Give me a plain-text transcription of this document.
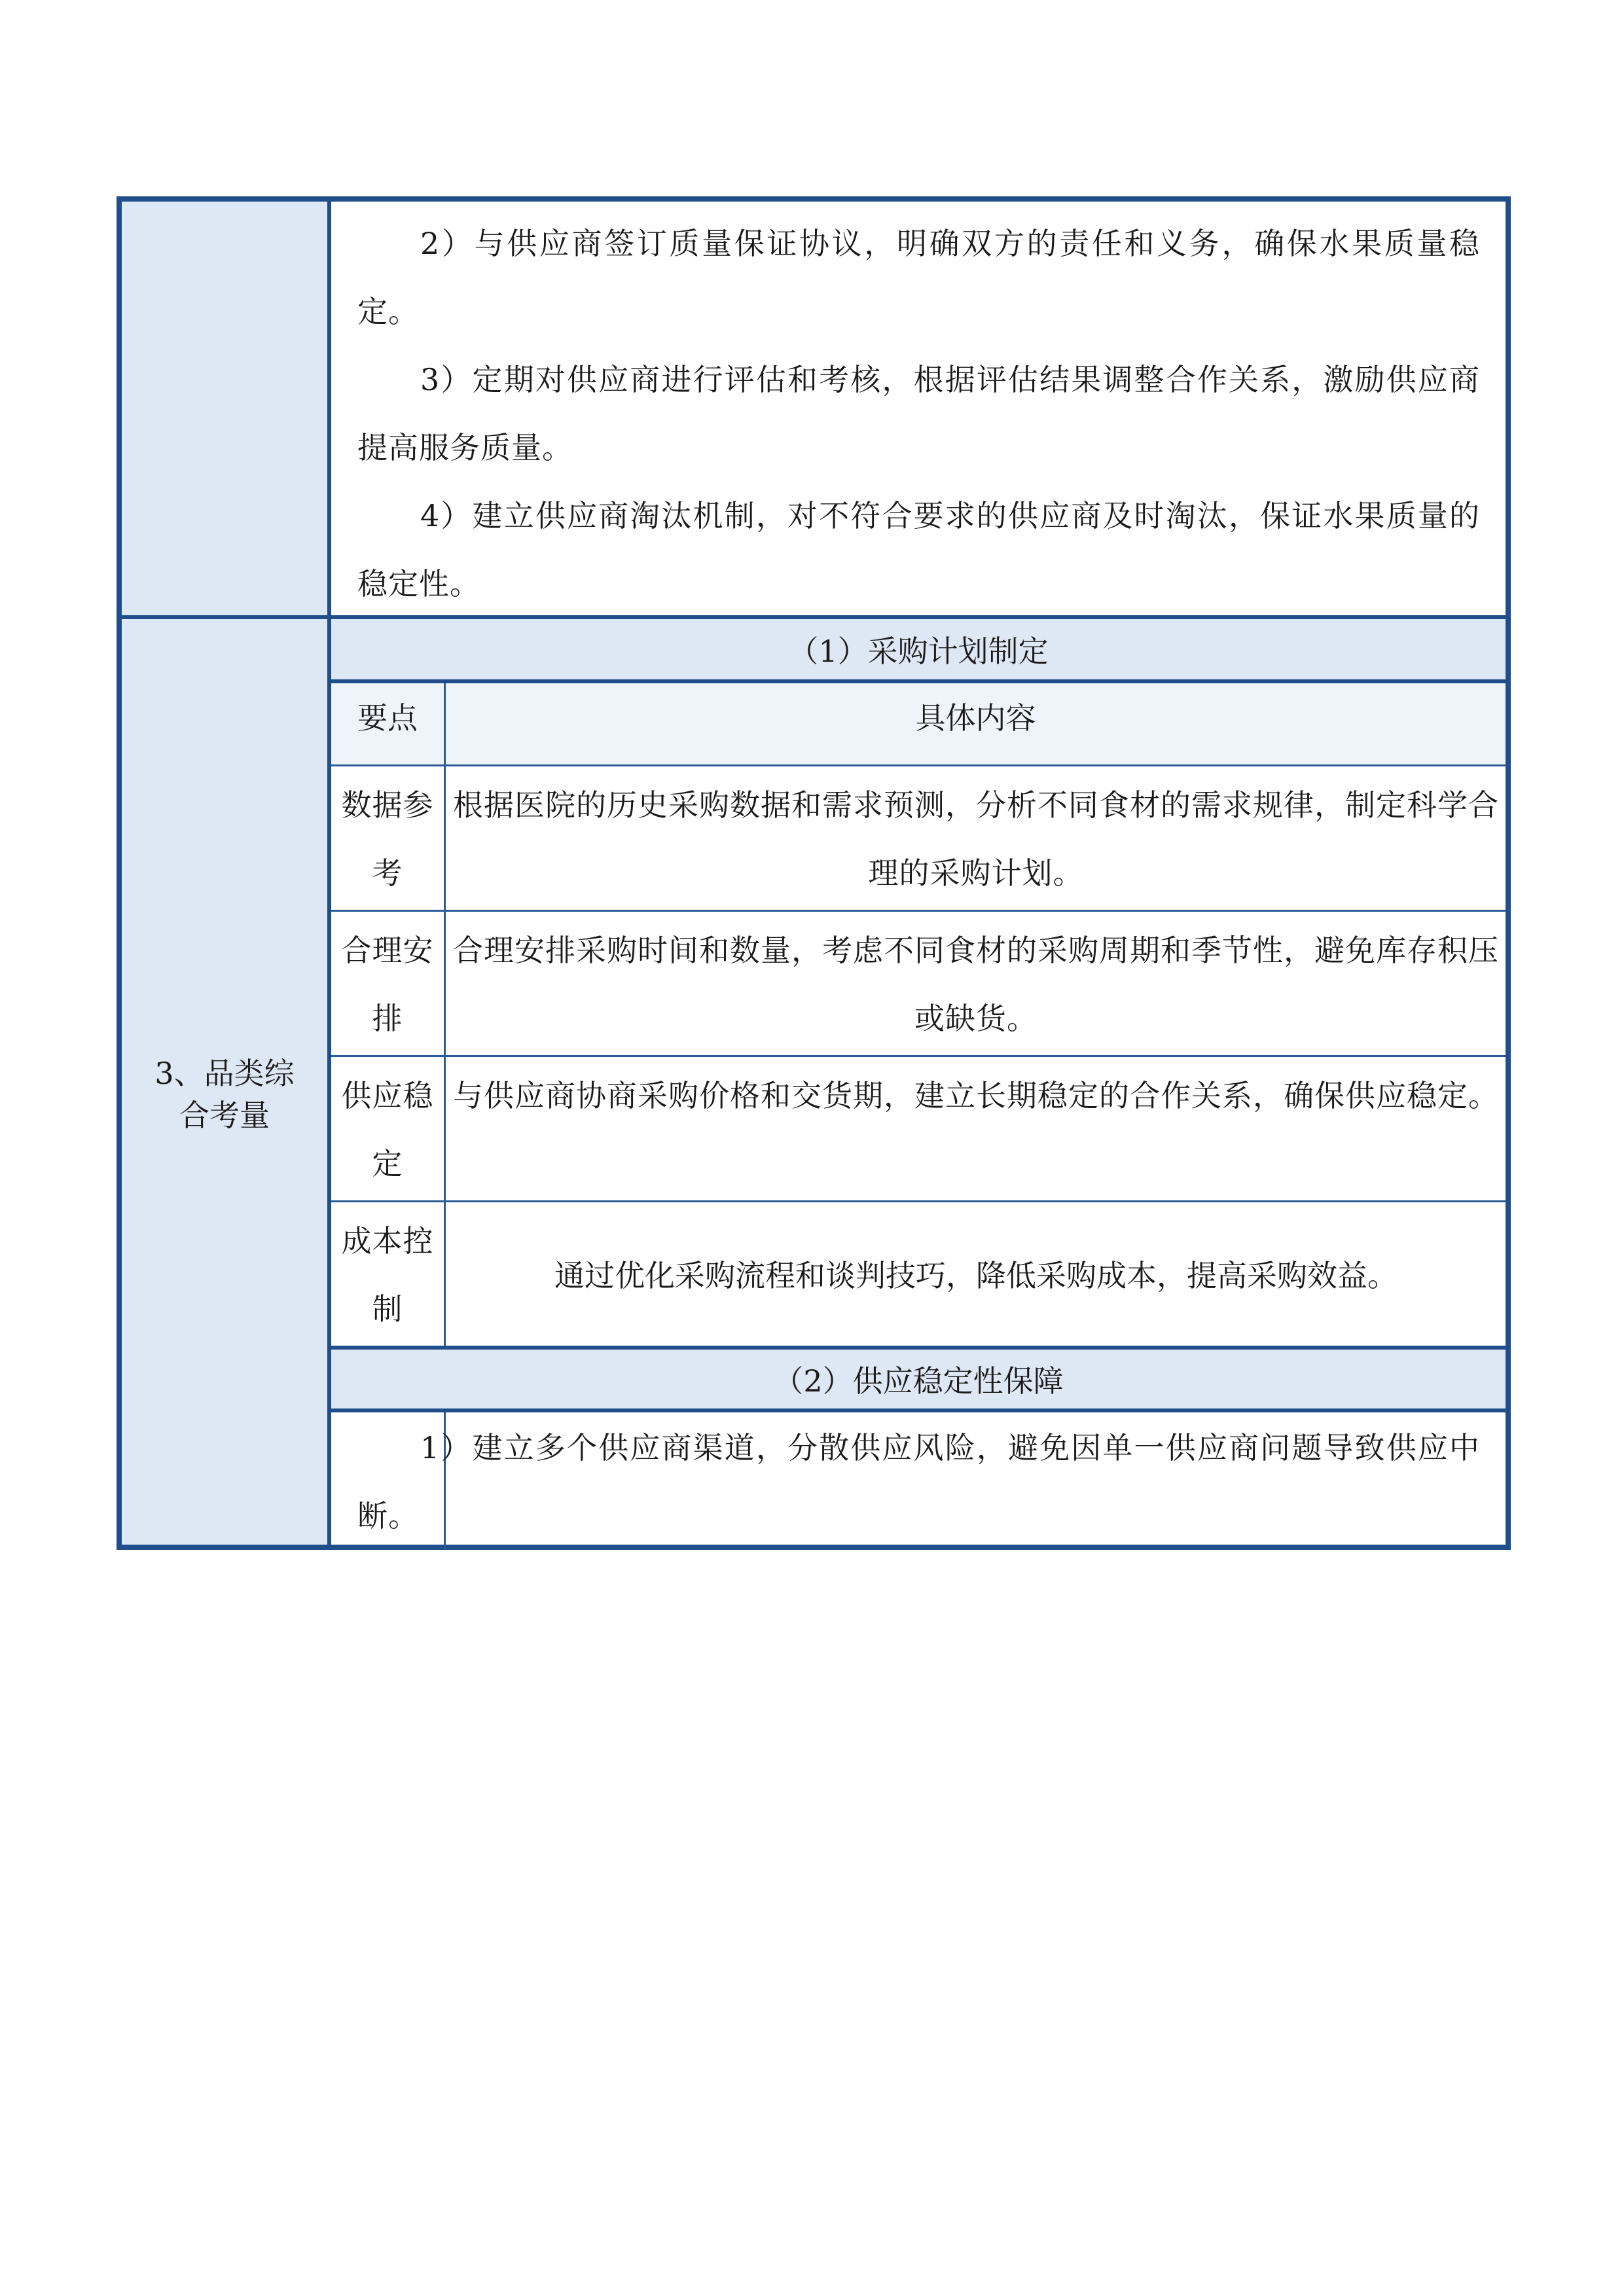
3、品类综合考量

2）与供应商签订质量保证协议，明确双方的责任和义务，确保水果质量稳定。

3）定期对供应商进行评估和考核，根据评估结果调整合作关系，激励供应商提高服务质量。

4）建立供应商淘汰机制，对不符合要求的供应商及时淘汰，保证水果质量的稳定性。

（1）采购计划制定
要点	具体内容

数据参考

根据医院的历史采购数据和需求预测，分析不同食材的需求规律，制定科学合理的采购计划。

合理安排

合理安排采购时间和数量，考虑不同食材的采购周期和季节性，避免库存积压或缺货。

供应稳定

与供应商协商采购价格和交货期，建立长期稳定的合作关系，确保供应稳定。

成本控制

通过优化采购流程和谈判技巧，降低采购成本，提高采购效益。
（2）供应稳定性保障

1）建立多个供应商渠道，分散供应风险，避免因单一供应商问题导致供应中断。
